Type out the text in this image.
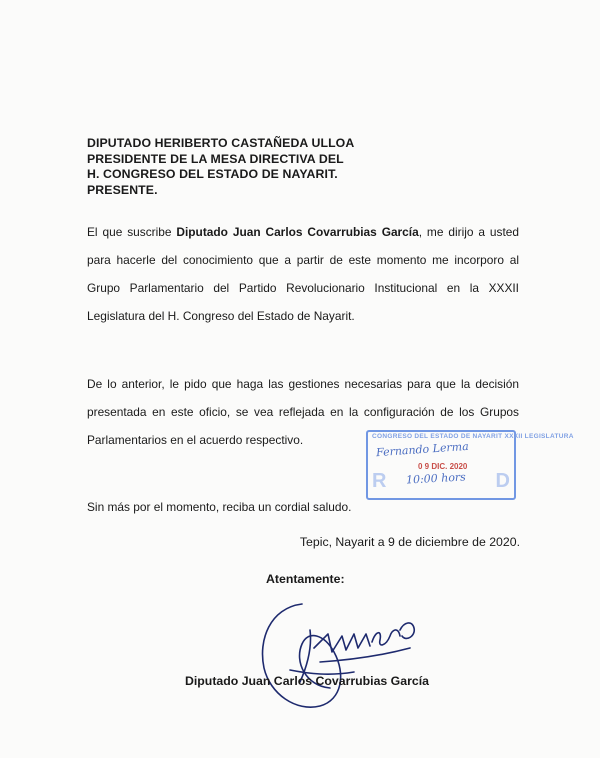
DIPUTADO HERIBERTO CASTAÑEDA ULLOA
PRESIDENTE DE LA MESA DIRECTIVA DEL
H. CONGRESO DEL ESTADO DE NAYARIT.
PRESENTE.
El que suscribe Diputado Juan Carlos Covarrubias García, me dirijo a usted para hacerle del conocimiento que a partir de este momento me incorporo al Grupo Parlamentario del Partido Revolucionario Institucional en la XXXII Legislatura del H. Congreso del Estado de Nayarit.
De lo anterior, le pido que haga las gestiones necesarias para que la decisión presentada en este oficio, se vea reflejada en la configuración de los Grupos Parlamentarios en el acuerdo respectivo.
Sin más por el momento, reciba un cordial saludo.
CONGRESO DEL ESTADO DE NAYARIT XXXII LEGISLATURA
Fernando Lerma
R
0 9 DIC. 2020
10:00 hors D
Tepic, Nayarit a 9 de diciembre de 2020.
Atentamente:
Diputado Juan Carlos Covarrubias García
